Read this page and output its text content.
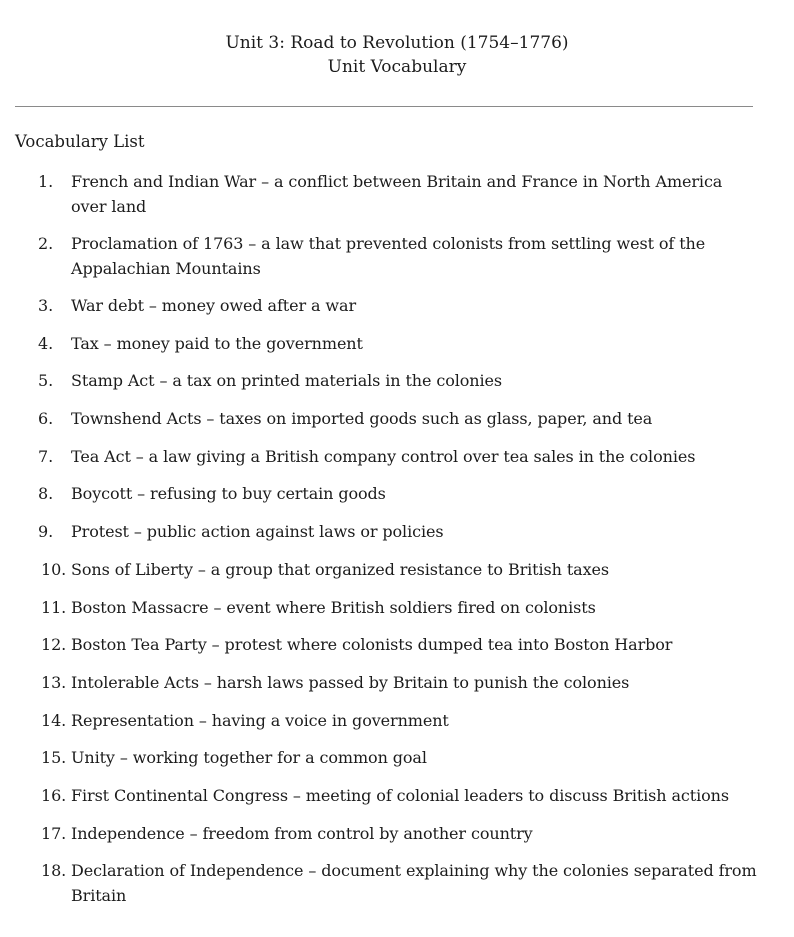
Unit 3: Road to Revolution (1754–1776)
Unit Vocabulary
Vocabulary List
1.	French and Indian War – a conflict between Britain and France in North America over land
2.	Proclamation of 1763 – a law that prevented colonists from settling west of the Appalachian Mountains
3.	War debt – money owed after a war
4.	Tax – money paid to the government
5.	Stamp Act – a tax on printed materials in the colonies
6.	Townshend Acts – taxes on imported goods such as glass, paper, and tea
7.	Tea Act – a law giving a British company control over tea sales in the colonies
8.	Boycott – refusing to buy certain goods
9.	Protest – public action against laws or policies
10. Sons of Liberty – a group that organized resistance to British taxes
11. Boston Massacre – event where British soldiers fired on colonists
12. Boston Tea Party – protest where colonists dumped tea into Boston Harbor
13. Intolerable Acts – harsh laws passed by Britain to punish the colonies
14. Representation – having a voice in government
15. Unity – working together for a common goal
16. First Continental Congress – meeting of colonial leaders to discuss British actions
17. Independence – freedom from control by another country
18. Declaration of Independence – document explaining why the colonies separated from Britain
